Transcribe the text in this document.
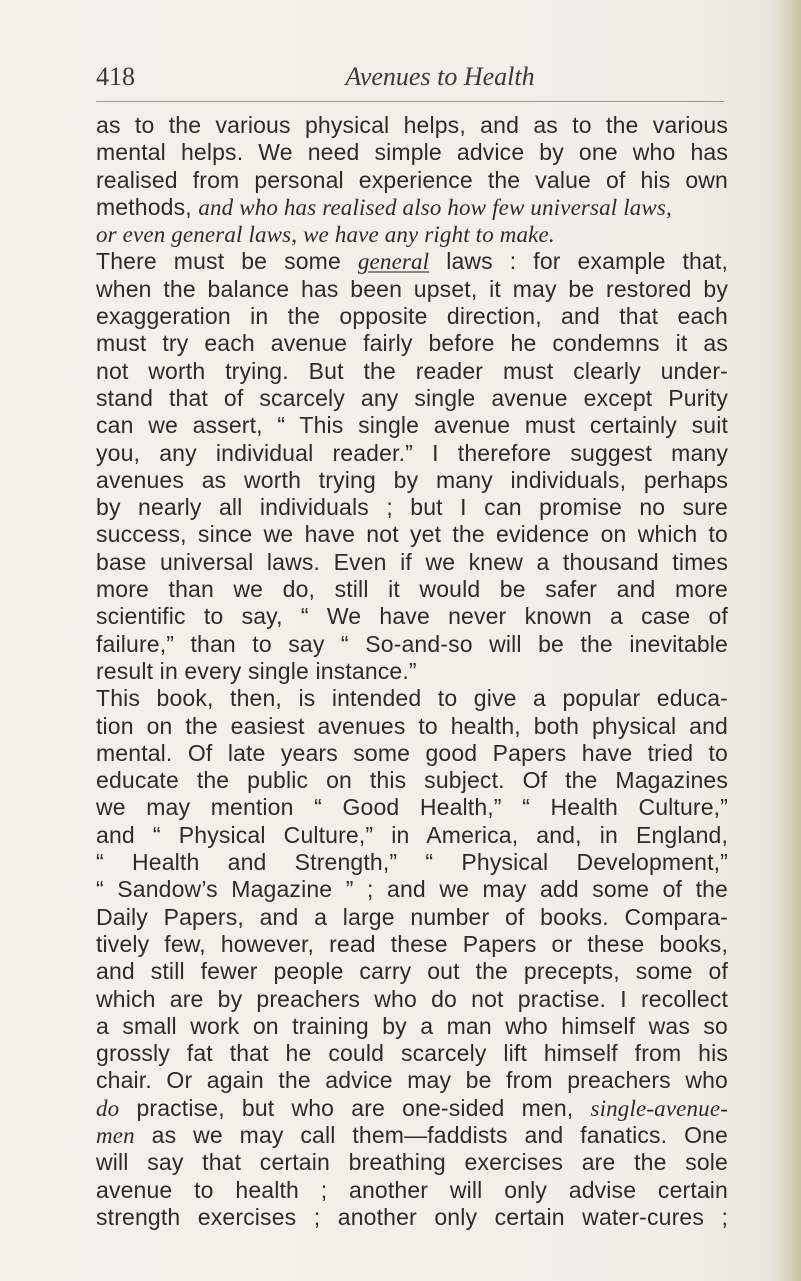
418	Avenues to Health
as to the various physical helps, and as to the various
mental helps. We need simple advice by one who has
realised from personal experience the value of his own
methods, and who has realised also how few universal laws,
or even general laws, we have any right to make.
There must be some general laws : for example that,
when the balance has been upset, it may be restored by
exaggeration in the opposite direction, and that each
must try each avenue fairly before he condemns it as
not worth trying. But the reader must clearly under-
stand that of scarcely any single avenue except Purity
can we assert, “ This single avenue must certainly suit
you, any individual reader.” I therefore suggest many
avenues as worth trying by many individuals, perhaps
by nearly all individuals ; but I can promise no sure
success, since we have not yet the evidence on which to
base universal laws. Even if we knew a thousand times
more than we do, still it would be safer and more
scientific to say, “ We have never known a case of
failure,” than to say “ So-and-so will be the inevitable
result in every single instance.”
This book, then, is intended to give a popular educa-
tion on the easiest avenues to health, both physical and
mental. Of late years some good Papers have tried to
educate the public on this subject. Of the Magazines
we may mention “ Good Health,” “ Health Culture,”
and “ Physical Culture,” in America, and, in England,
“ Health and Strength,” “ Physical Development,”
“ Sandow’s Magazine ” ; and we may add some of the
Daily Papers, and a large number of books. Compara-
tively few, however, read these Papers or these books,
and still fewer people carry out the precepts, some of
which are by preachers who do not practise. I recollect
a small work on training by a man who himself was so
grossly fat that he could scarcely lift himself from his
chair. Or again the advice may be from preachers who
do practise, but who are one-sided men, single-avenue-
men as we may call them—faddists and fanatics. One
will say that certain breathing exercises are the sole
avenue to health ; another will only advise certain
strength exercises ; another only certain water-cures ;
